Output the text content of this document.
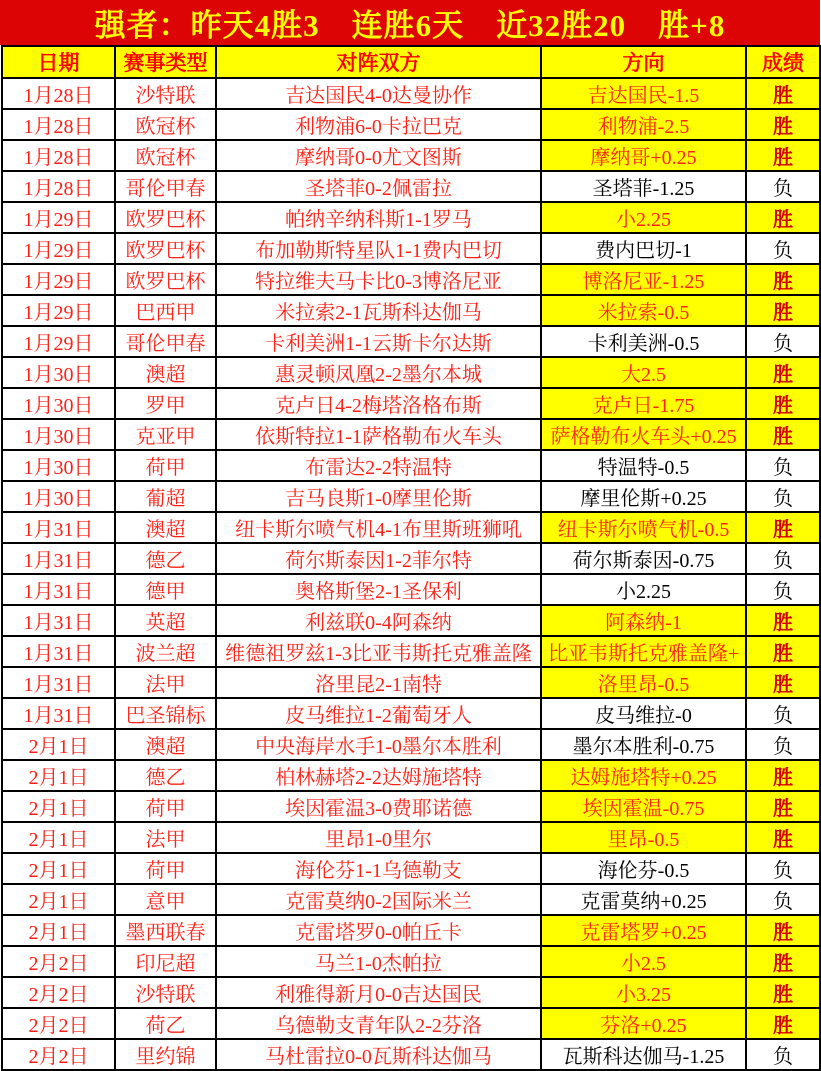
强者：昨天4胜3　连胜6天　近32胜20　胜+8
日期	赛事类型	对阵双方	方向	成绩
1月28日	沙特联	吉达国民4-0达曼协作	吉达国民-1.5	胜
1月28日	欧冠杯	利物浦6-0卡拉巴克	利物浦-2.5	胜
1月28日	欧冠杯	摩纳哥0-0尤文图斯	摩纳哥+0.25	胜
1月28日	哥伦甲春	圣塔菲0-2佩雷拉	圣塔菲-1.25	负
1月29日	欧罗巴杯	帕纳辛纳科斯1-1罗马	小2.25	胜
1月29日	欧罗巴杯	布加勒斯特星队1-1费内巴切	费内巴切-1	负
1月29日	欧罗巴杯	特拉维夫马卡比0-3博洛尼亚	博洛尼亚-1.25	胜
1月29日	巴西甲	米拉索2-1瓦斯科达伽马	米拉索-0.5	胜
1月29日	哥伦甲春	卡利美洲1-1云斯卡尔达斯	卡利美洲-0.5	负
1月30日	澳超	惠灵顿凤凰2-2墨尔本城	大2.5	胜
1月30日	罗甲	克卢日4-2梅塔洛格布斯	克卢日-1.75	胜
1月30日	克亚甲	依斯特拉1-1萨格勒布火车头	萨格勒布火车头+0.25	胜
1月30日	荷甲	布雷达2-2特温特	特温特-0.5	负
1月30日	葡超	吉马良斯1-0摩里伦斯	摩里伦斯+0.25	负
1月31日	澳超	纽卡斯尔喷气机4-1布里斯班狮吼	纽卡斯尔喷气机-0.5	胜
1月31日	德乙	荷尔斯泰因1-2菲尔特	荷尔斯泰因-0.75	负
1月31日	德甲	奥格斯堡2-1圣保利	小2.25	负
1月31日	英超	利兹联0-4阿森纳	阿森纳-1	胜
1月31日	波兰超	维德祖罗兹1-3比亚韦斯托克雅盖隆	比亚韦斯托克雅盖隆+	胜
1月31日	法甲	洛里昆2-1南特	洛里昂-0.5	胜
1月31日	巴圣锦标	皮马维拉1-2葡萄牙人	皮马维拉-0	负
2月1日	澳超	中央海岸水手1-0墨尔本胜利	墨尔本胜利-0.75	负
2月1日	德乙	柏林赫塔2-2达姆施塔特	达姆施塔特+0.25	胜
2月1日	荷甲	埃因霍温3-0费耶诺德	埃因霍温-0.75	胜
2月1日	法甲	里昂1-0里尔	里昂-0.5	胜
2月1日	荷甲	海伦芬1-1乌德勒支	海伦芬-0.5	负
2月1日	意甲	克雷莫纳0-2国际米兰	克雷莫纳+0.25	负
2月1日	墨西联春	克雷塔罗0-0帕丘卡	克雷塔罗+0.25	胜
2月2日	印尼超	马兰1-0杰帕拉	小2.5	胜
2月2日	沙特联	利雅得新月0-0吉达国民	小3.25	胜
2月2日	荷乙	乌德勒支青年队2-2芬洛	芬洛+0.25	胜
2月2日	里约锦	马杜雷拉0-0瓦斯科达伽马	瓦斯科达伽马-1.25	负
